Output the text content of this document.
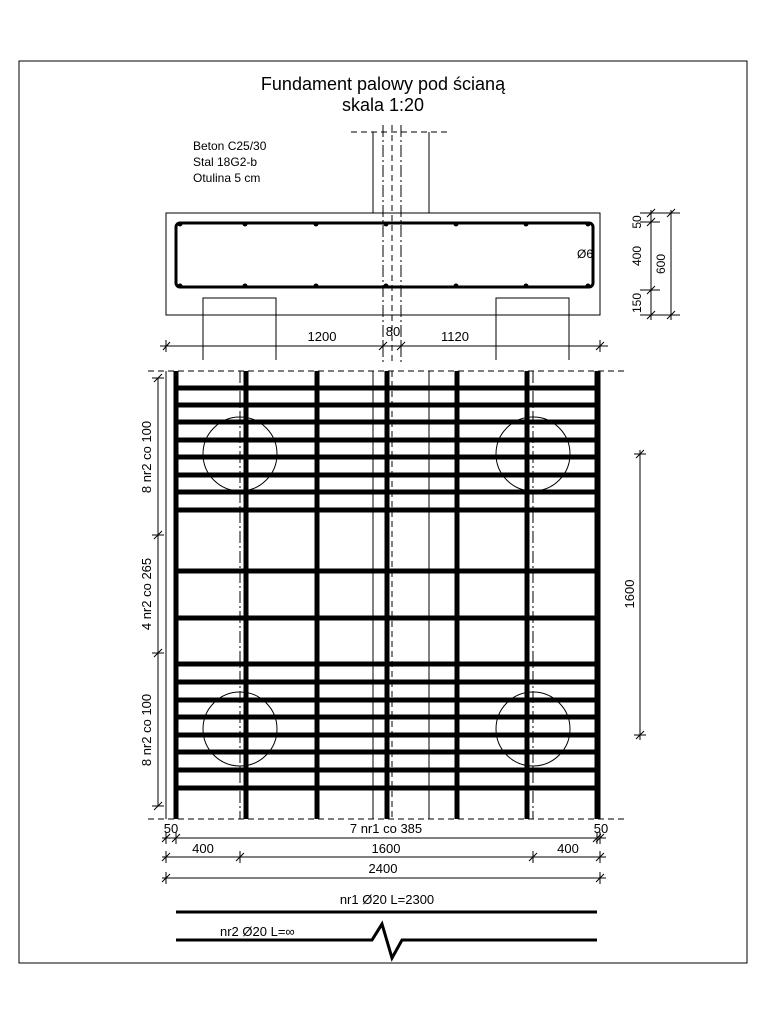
Fundament palowy pod ścianą
skala 1:20
Beton C25/30
Stal 18G2-b
Otulina 5 cm
Ø6
50
400 600
150
1200	80	1120
8 nr2 co 100
4 nr2 co 265
8 nr2 co 100
1600
50	7 nr1 co 385	50
400	1600	400
2400
nr1 Ø20 L=2300
nr2 Ø20 L=∞
